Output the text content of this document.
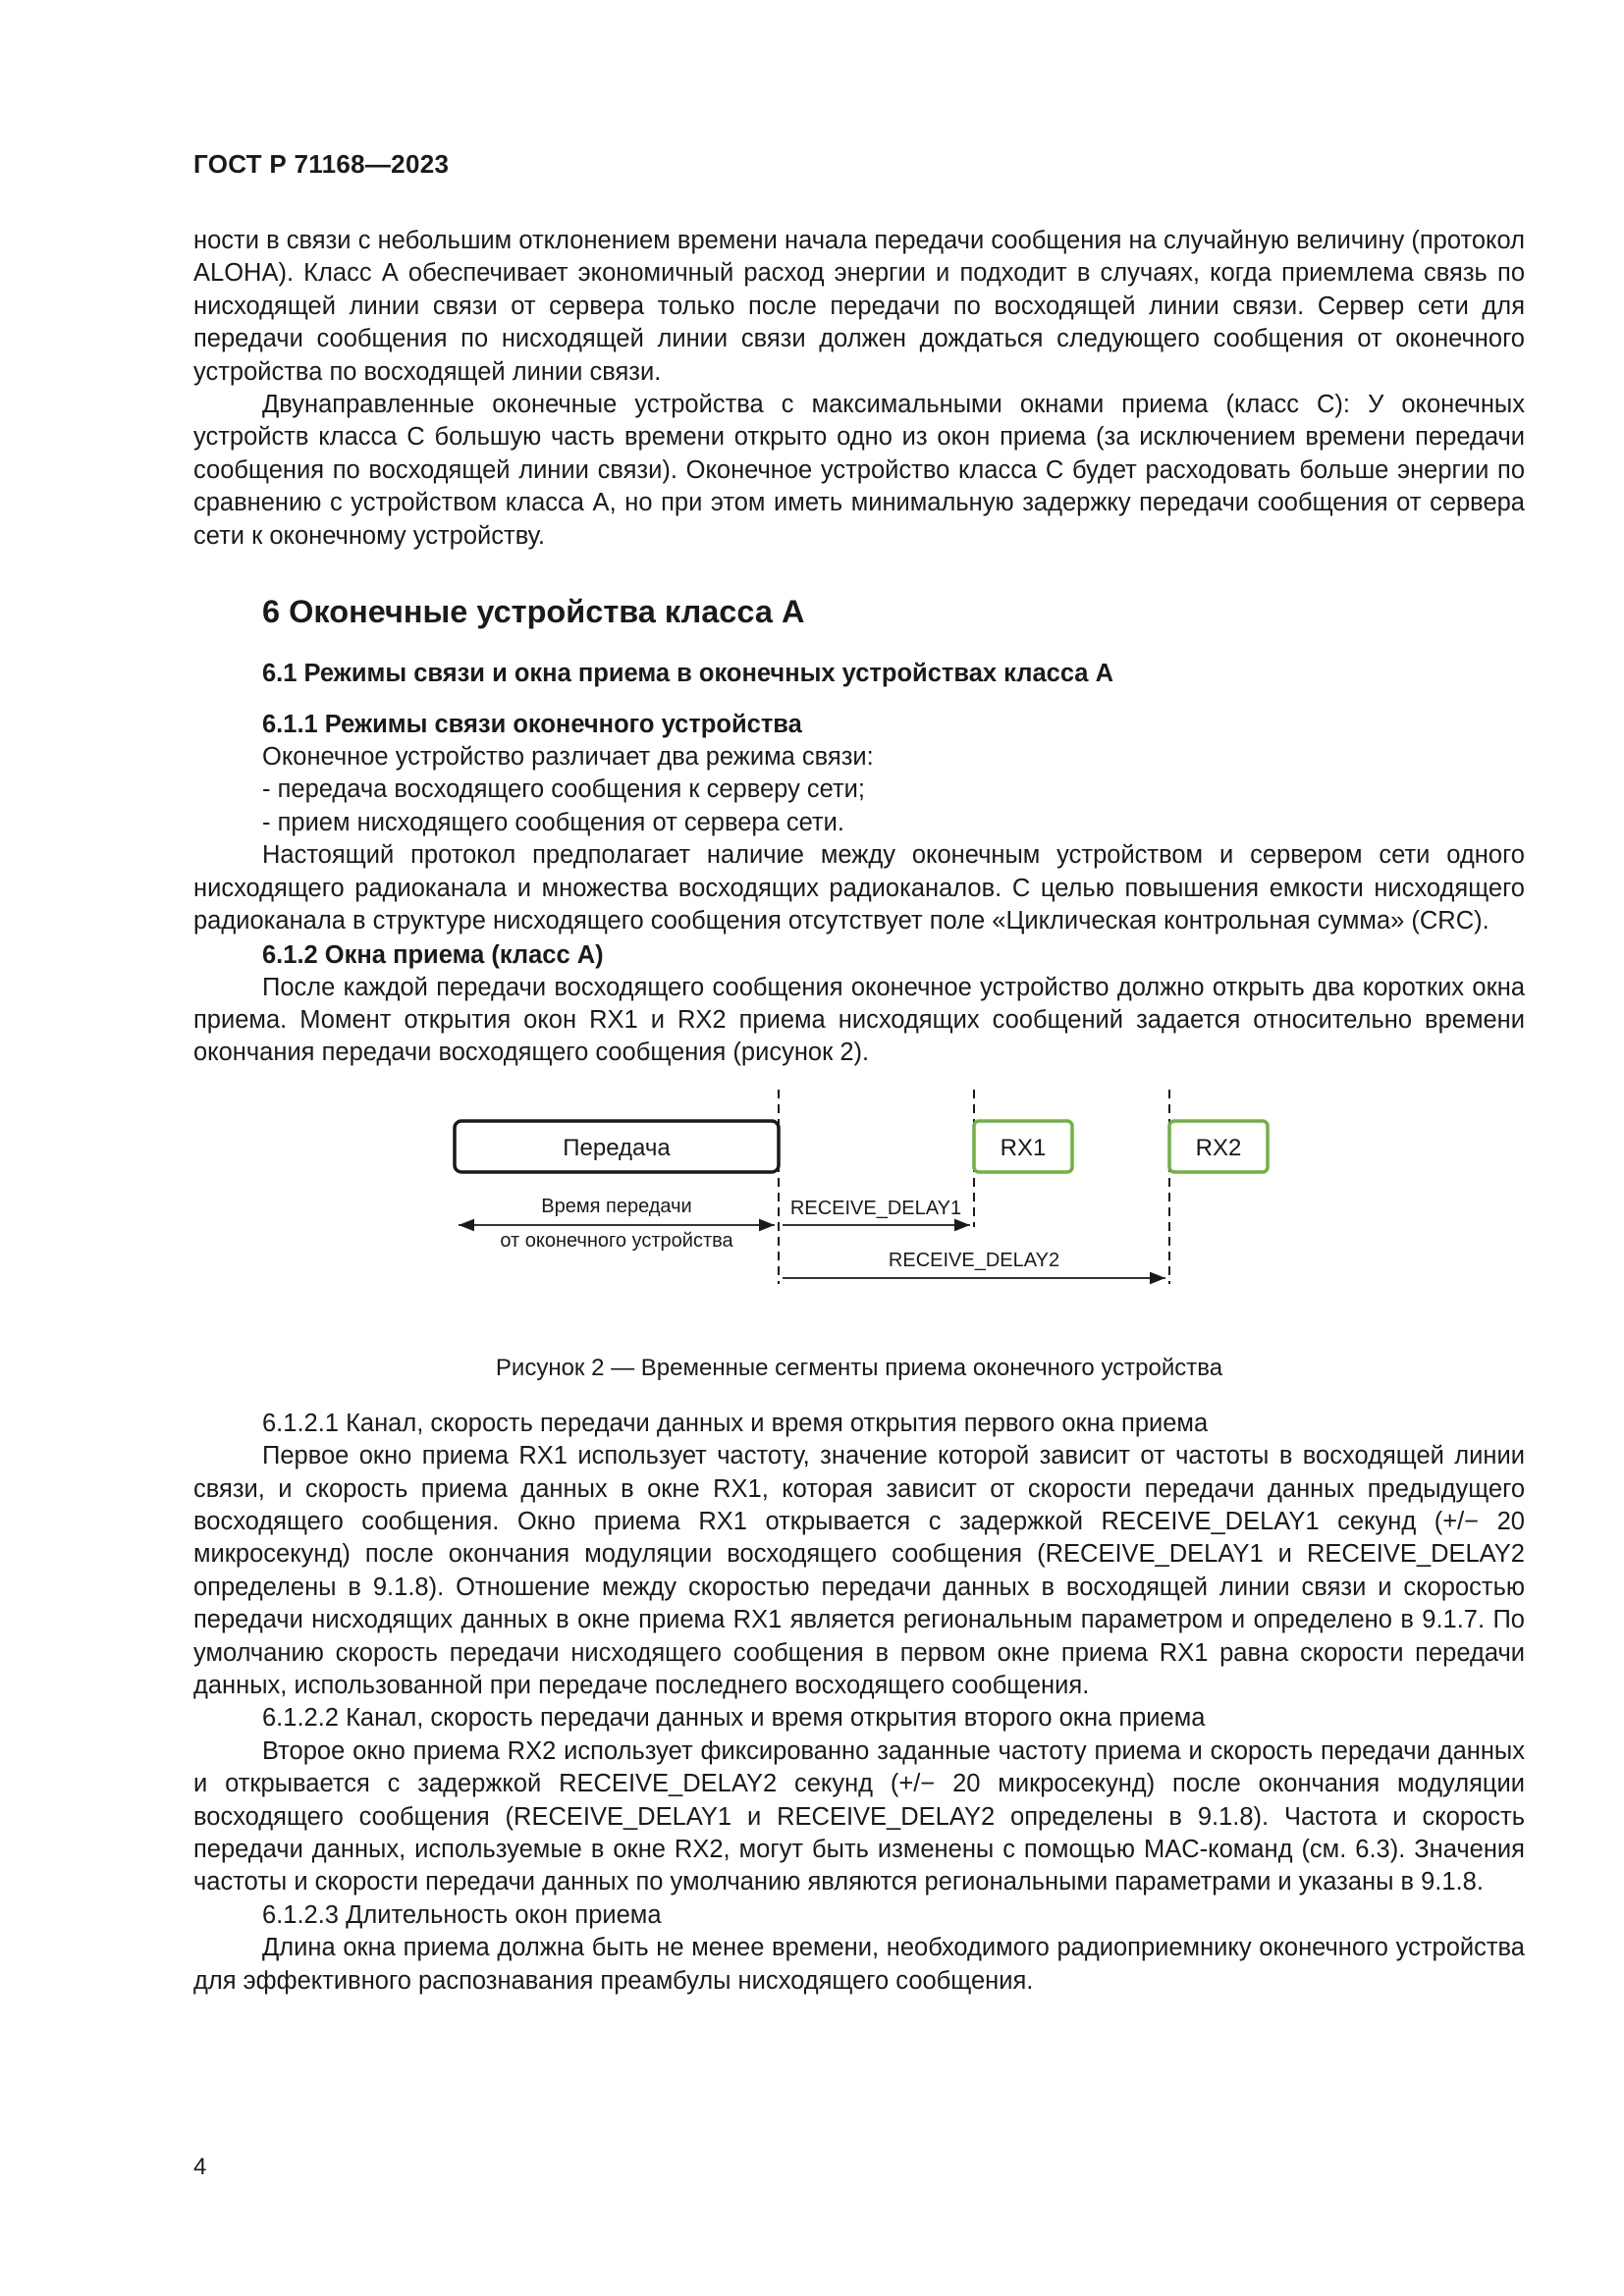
ГОСТ Р 71168—2023

ности в связи с небольшим отклонением времени начала передачи сообщения на случайную величину (протокол ALOHA). Класс А обеспечивает экономичный расход энергии и подходит в случаях, когда приемлема связь по нисходящей линии связи от сервера только после передачи по восходящей линии связи. Сервер сети для передачи сообщения по нисходящей линии связи должен дождаться следующего сообщения от оконечного устройства по восходящей линии связи.

Двунаправленные оконечные устройства с максимальными окнами приема (класс С): У оконечных устройств класса С большую часть времени открыто одно из окон приема (за исключением времени передачи сообщения по восходящей линии связи). Оконечное устройство класса С будет расходовать больше энергии по сравнению с устройством класса А, но при этом иметь минимальную задержку передачи сообщения от сервера сети к оконечному устройству.

6 Оконечные устройства класса А
6.1 Режимы связи и окна приема в оконечных устройствах класса А
6.1.1 Режимы связи оконечного устройства

Оконечное устройство различает два режима связи:

- передача восходящего сообщения к серверу сети;

- прием нисходящего сообщения от сервера сети.

Настоящий протокол предполагает наличие между оконечным устройством и сервером сети одного нисходящего радиоканала и множества восходящих радиоканалов. С целью повышения емкости нисходящего радиоканала в структуре нисходящего сообщения отсутствует поле «Циклическая контрольная сумма» (CRC).

6.1.2 Окна приема (класс А)

После каждой передачи восходящего сообщения оконечное устройство должно открыть два коротких окна приема. Момент открытия окон RX1 и RX2 приема нисходящих сообщений задается относительно времени окончания передачи восходящего сообщения (рисунок 2).

Передача	RX1	RX2
Время передачи
от оконечного устройства
RECEIVE_DELAY1
RECEIVE_DELAY2
Рисунок 2 — Временные сегменты приема оконечного устройства

6.1.2.1 Канал, скорость передачи данных и время открытия первого окна приема

Первое окно приема RX1 использует частоту, значение которой зависит от частоты в восходящей линии связи, и скорость приема данных в окне RX1, которая зависит от скорости передачи данных предыдущего восходящего сообщения. Окно приема RX1 открывается с задержкой RECEIVE_DELAY1 секунд (+/− 20 микросекунд) после окончания модуляции восходящего сообщения (RECEIVE_DELAY1 и RECEIVE_DELAY2 определены в 9.1.8). Отношение между скоростью передачи данных в восходящей линии связи и скоростью передачи нисходящих данных в окне приема RX1 является региональным параметром и определено в 9.1.7. По умолчанию скорость передачи нисходящего сообщения в первом окне приема RX1 равна скорости передачи данных, использованной при передаче последнего восходящего сообщения.

6.1.2.2 Канал, скорость передачи данных и время открытия второго окна приема

Второе окно приема RX2 использует фиксированно заданные частоту приема и скорость передачи данных и открывается с задержкой RECEIVE_DELAY2 секунд (+/− 20 микросекунд) после окончания модуляции восходящего сообщения (RECEIVE_DELAY1 и RECEIVE_DELAY2 определены в 9.1.8). Частота и скорость передачи данных, используемые в окне RX2, могут быть изменены с помощью MAC-команд (см. 6.3). Значения частоты и скорости передачи данных по умолчанию являются региональными параметрами и указаны в 9.1.8.

6.1.2.3 Длительность окон приема

Длина окна приема должна быть не менее времени, необходимого радиоприемнику оконечного устройства для эффективного распознавания преамбулы нисходящего сообщения.

4
